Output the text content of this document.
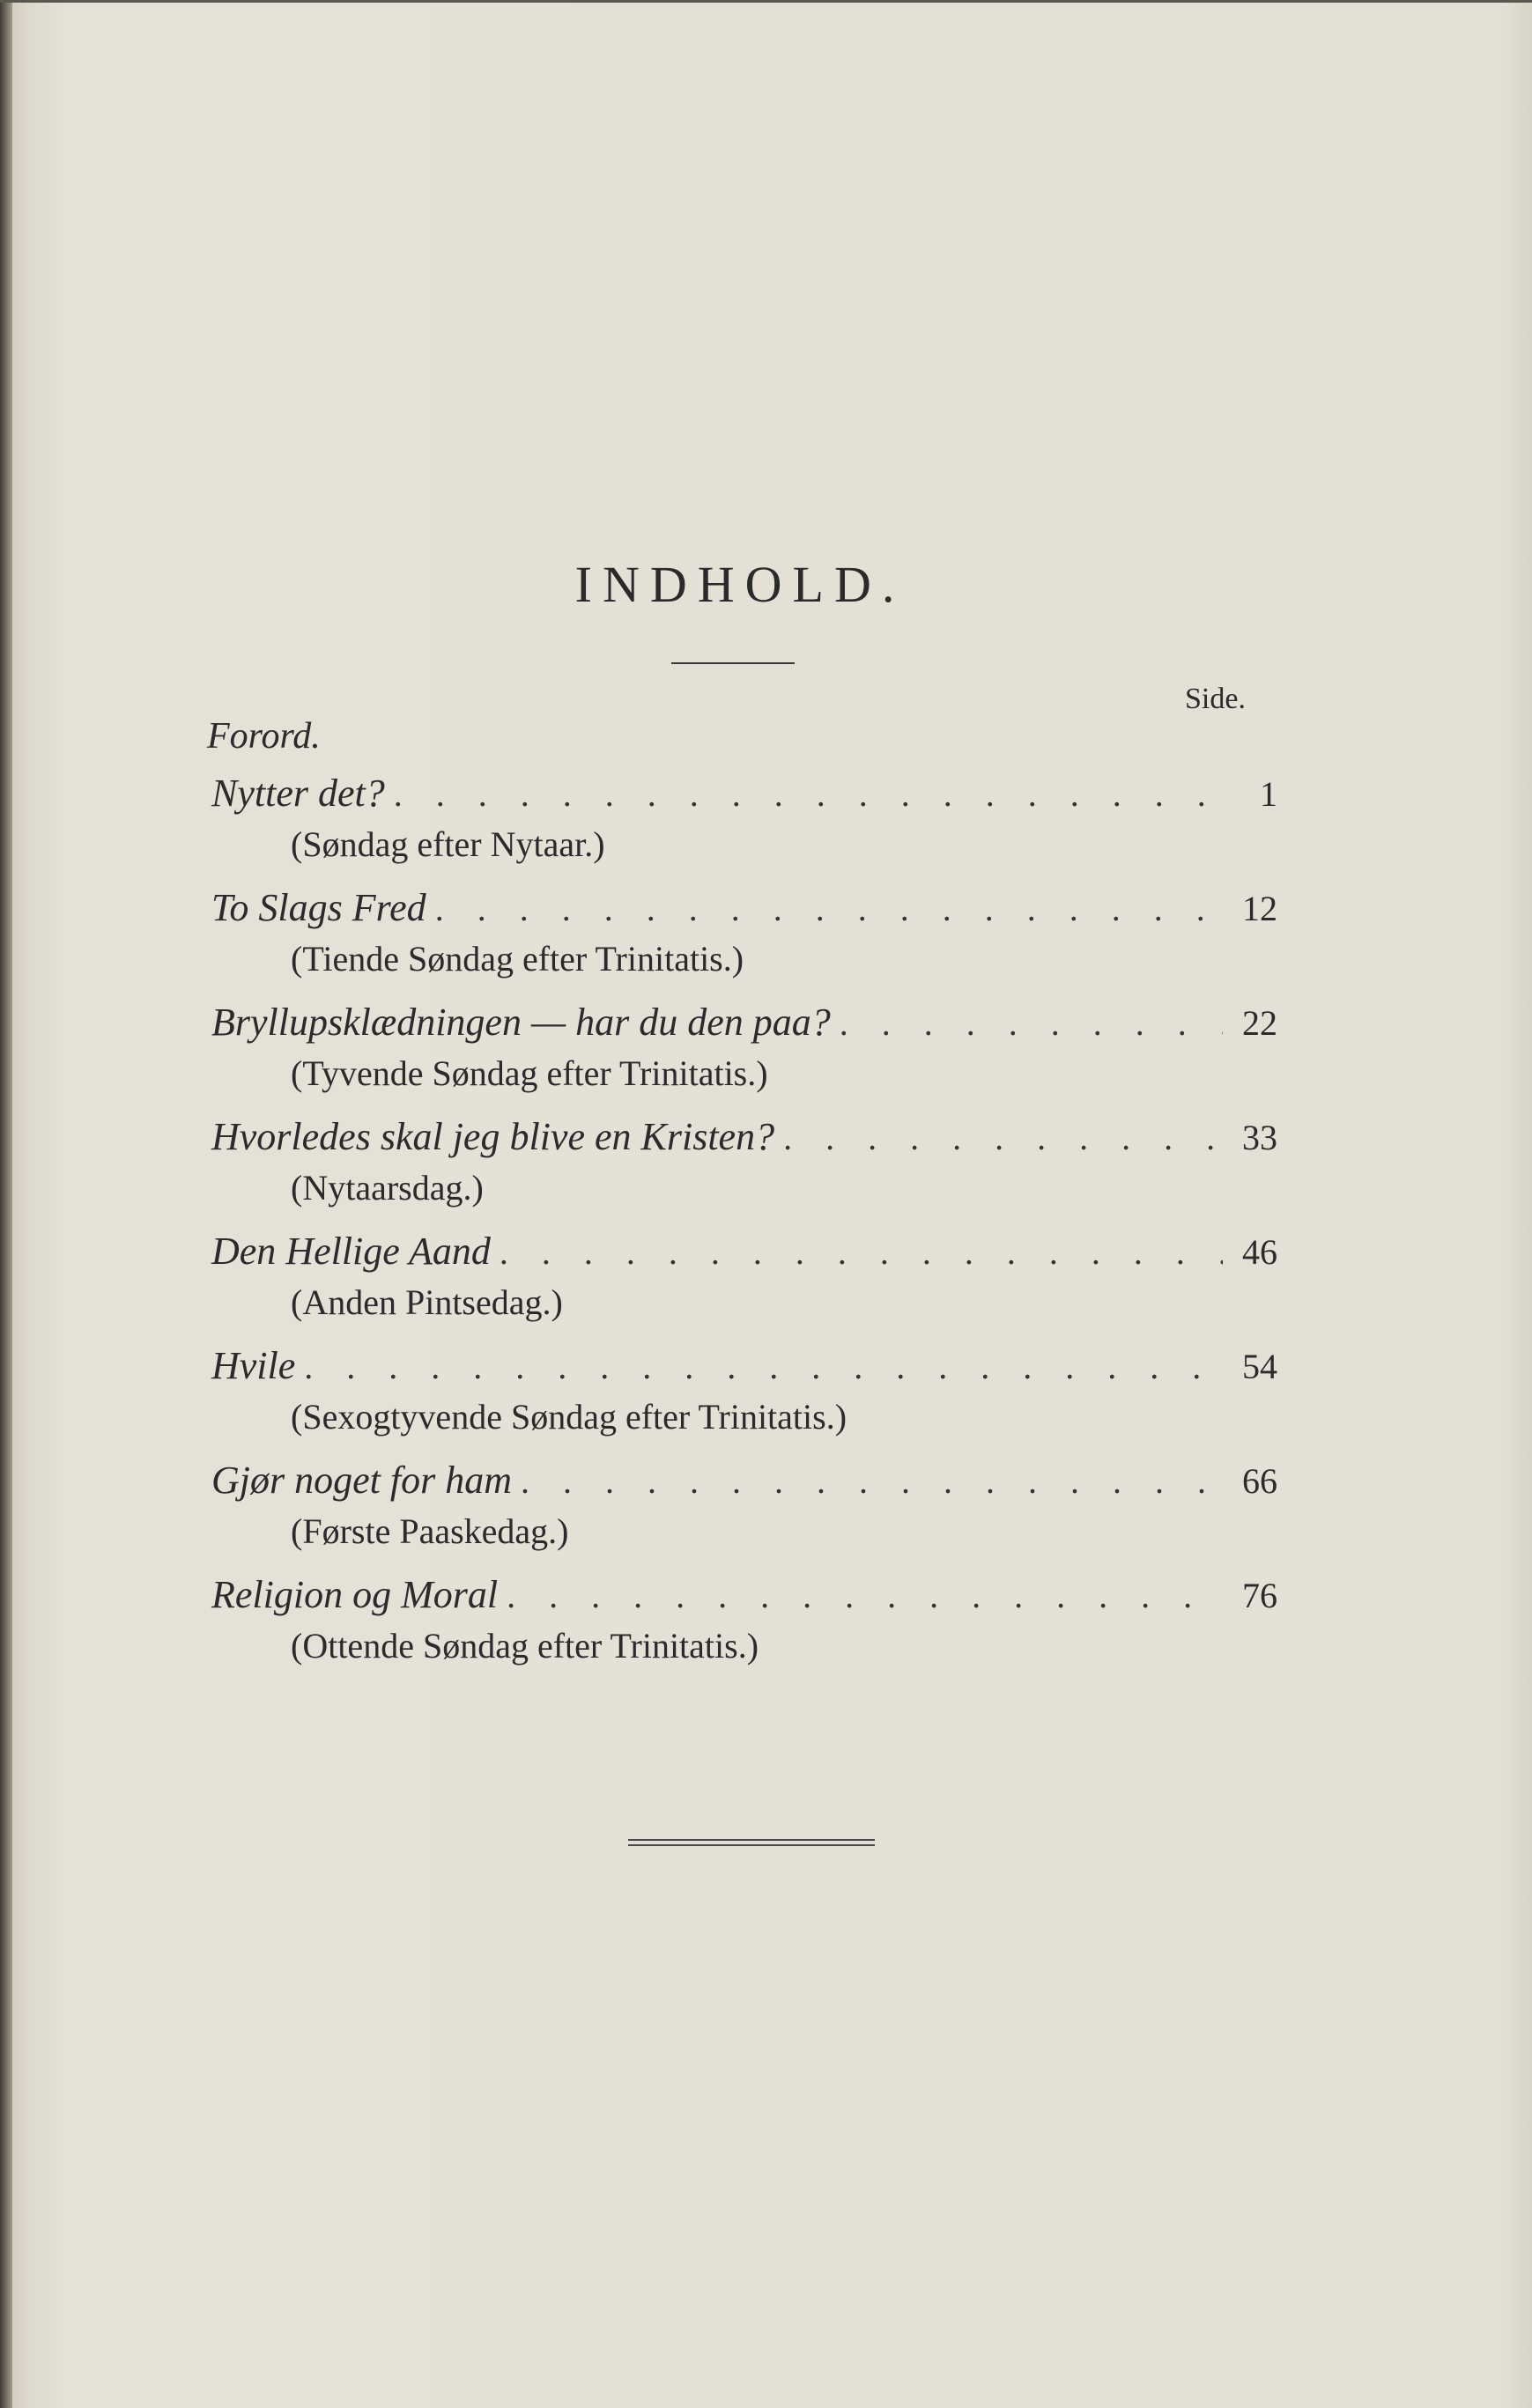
INDHOLD.
Side.
Forord.
Nytter det? . . .	1
(Søndag efter Nytaar.)
To Slags Fred . . .	12
(Tiende Søndag efter Trinitatis.)
Bryllupsklædningen — har du den paa? . . .	22
(Tyvende Søndag efter Trinitatis.)
Hvorledes skal jeg blive en Kristen? . . .	33
(Nytaarsdag.)
Den Hellige Aand . . .	46
(Anden Pintsedag.)
Hvile . . .	54
(Sexogtyvende Søndag efter Trinitatis.)
Gjør noget for ham . . .	66
(Første Paaskedag.)
Religion og Moral . . .	76
(Ottende Søndag efter Trinitatis.)
